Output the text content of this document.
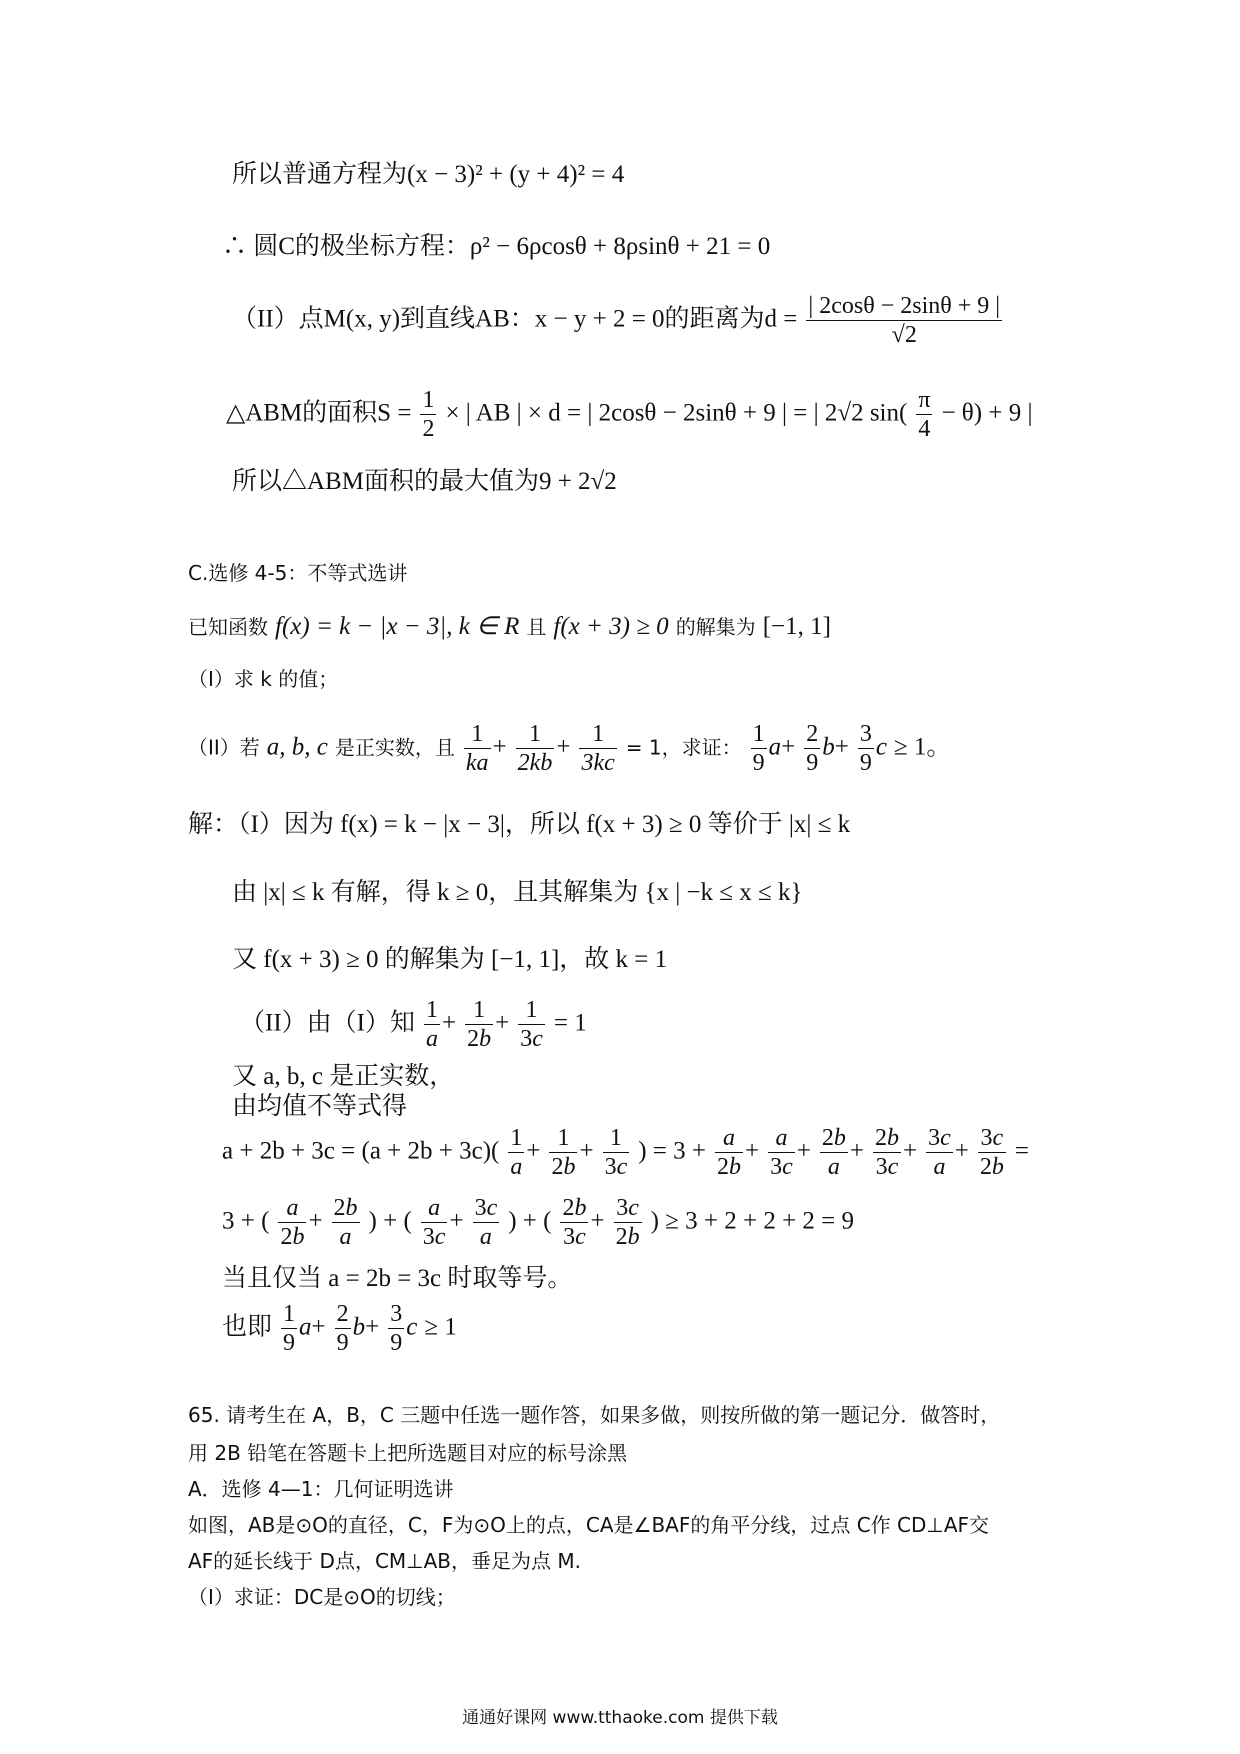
所以普通方程为(x − 3)² + (y + 4)² = 4
∴ 圆C的极坐标方程：ρ² − 6ρcosθ + 8ρsinθ + 21 = 0
（II）点M(x, y)到直线AB：x − y + 2 = 0的距离为$d = \frac{| 2\cos\theta - 2\sin\theta + 9 |}{√2}$
△ABM的面积$S = \frac{1}{2}$ × | AB | × d = | 2cosθ − 2sinθ + 9 | = | 2√2 $\sin( \frac{\pi}{4} - \theta) + 9$ |
所以△ABM面积的最大值为9 + 2√2
C.选修 4-5：不等式选讲
已知函数 f(x) = k − |x − 3|, k ∈ R 且 f(x + 3) ≥ 0 的解集为 [−1, 1]
（I）求 k 的值；
（II）若 a, b, c 是正实数，且 $\frac{1}{ka} + \frac{1}{2kb} + \frac{1}{3kc} = 1$，求证： $\frac{1}{9} a+ \frac{2}{9} b+ \frac{3}{9}$ c ≥ 1。
解：（I）因为 f(x) = k − |x − 3|，所以 f(x + 3) ≥ 0 等价于 |x| ≤ k
由 |x| ≤ k 有解，得 k ≥ 0，且其解集为 {x | −k ≤ x ≤ k}
又 f(x + 3) ≥ 0 的解集为 [−1, 1]，故 k = 1
（II）由（I）知 $\frac{1}{a} + \frac{1}{2b} + \frac{1}{3c} = 1$
又 a, b, c 是正实数，
由均值不等式得
$a + 2b + 3c = (a + 2b + 3c)( \frac{1}{a} + \frac{1}{2b} + \frac{1}{3c}$ ) = $3 + \frac{a}{2b} + \frac{a}{3c} + \frac{2b}{a} + \frac{2b}{3c} + \frac{3c}{a} + \frac{3c}{2b}$ =
3 + ( $\frac{a}{2b} + \frac{2b}{a}$ ) + ( $\frac{a}{3c} + \frac{3c}{a}$ ) + ( $\frac{2b}{3c} + \frac{3c}{2b}$ ) ≥ 3 + 2 + 2 + 2 = 9
当且仅当 a = 2b = 3c 时取等号。
也即 $\frac{1}{9} a+ \frac{2}{9} b+ \frac{3}{9}$ c ≥ 1
65. 请考生在 A，B，C 三题中任选一题作答，如果多做，则按所做的第一题记分．做答时，
用 2B 铅笔在答题卡上把所选题目对应的标号涂黑
A．选修 4—1：几何证明选讲
如图，AB是⊙O的直径，C，F为⊙O上的点，CA是∠BAF的角平分线，过点 C作 CD⊥AF交
AF的延长线于 D点，CM⊥AB，垂足为点 M.
（I）求证：DC是⊙O的切线；
通通好课网 www.tthaoke.com 提供下载
